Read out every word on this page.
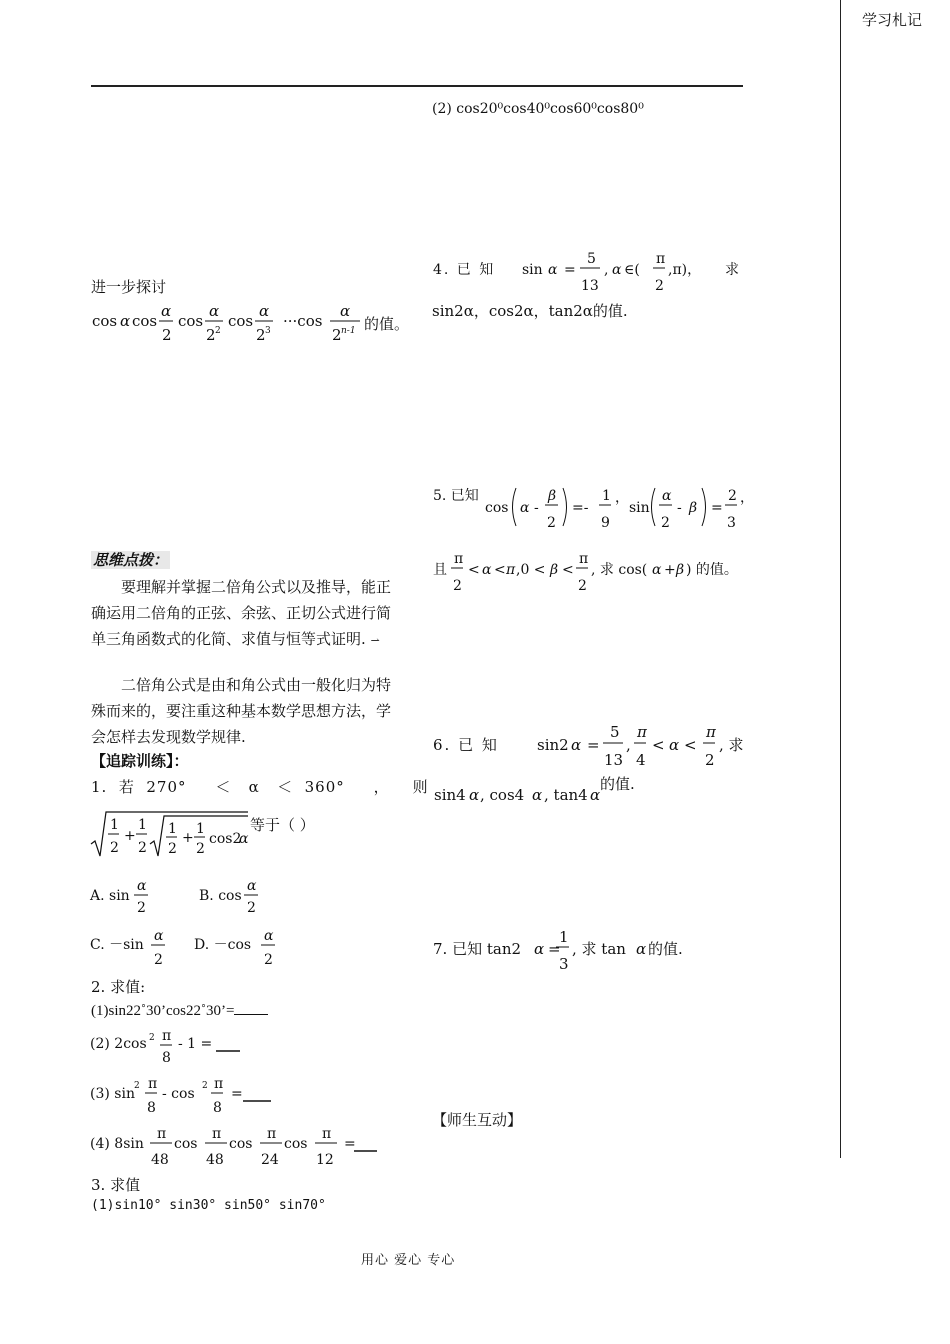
学习札记
进一步探讨
cos α cos
α
2
cos
α
2 2
cos
α
2 3
···cos
α
2 n-1 的值。
思维点拨：
要理解并掌握二倍角公式以及推导，能正确运用二倍角的正弦、余弦、正切公式进行简单三角函数式的化简、求值与恒等式证明. ⇀
二倍角公式是由和角公式由一般化归为特殊而来的，要注重这种基本数学思想方法，学会怎样去发现数学规律.
【追踪训练】：
1.  若  270°     ＜   α   ＜  360°     ，    则
1
2
+
1
2
1
2
+
1
2
cos2
α
等于（ ）
A. sin
α
2
B. cos
α
2
C. －sin
α
2
D. －cos
α
2
2. 求值:
(1)sin22˚30’cos22˚30’=
(2) 2cos 2 π
8
- 1 =
(3) sin 2 π
8
- cos 2 π
8
=
(4) 8sin
π
48
cos
π
48
cos
π
24
cos
π
12
=
3. 求值
(1)sin10° sin30° sin50° sin70°
(2) cos20⁰cos40⁰cos60⁰cos80⁰
4. 已 知 sin α =
5
13
, α ∈(
π
2
,π)， 求
sin2α，cos2α，tan2α的值.
5. 已知
cos α -
β
2
=-
1
9
，
sin
α
2
- β =
2
3
，
且
π
2
< α < π ,0 < β <
π
2
, 求 cos( α + β ) 的值。
6. 已 知	sin2 α =
5
13
,
π
4
< α <
π
2
, 求
sin4 α , cos4 α , tan4 α
的值.
7. 已知 tan2 α =
1
3
, 求 tan α 的值.
【师生互动】
用心 爱心 专心
